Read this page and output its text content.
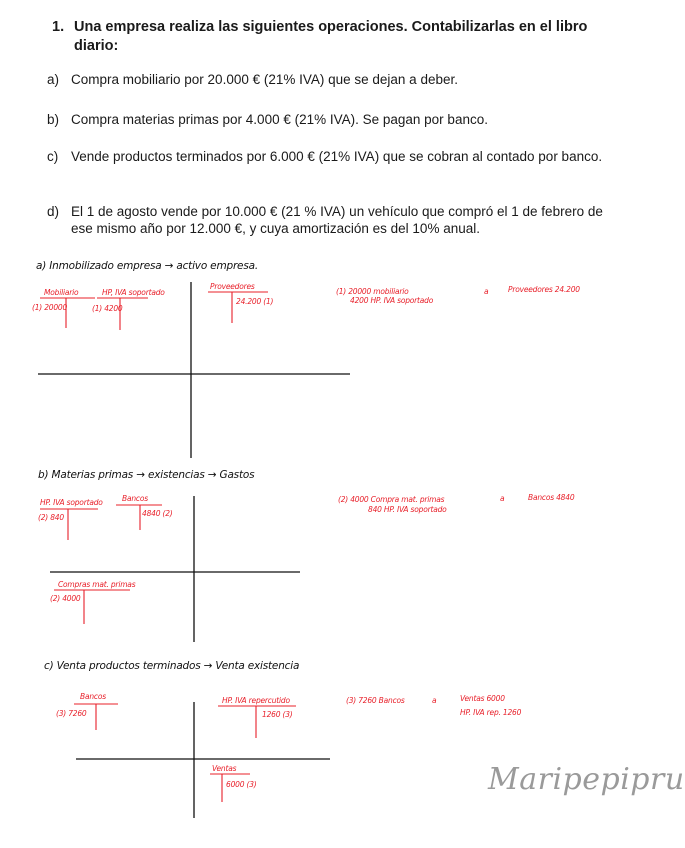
1. Una empresa realiza las siguientes operaciones. Contabilizarlas en el libro diario:
a) Compra mobiliario por 20.000 € (21% IVA) que se dejan a deber.
b) Compra materias primas por 4.000 € (21% IVA). Se pagan por banco.
c) Vende productos terminados por 6.000 € (21% IVA) que se cobran al contado por banco.
d) El 1 de agosto vende por 10.000 € (21 % IVA) un vehículo que compró el 1 de febrero de ese mismo año por 12.000 €, y cuya amortización es del 10% anual.
a) Inmobilizado empresa → activo empresa.
Mobiliario
(1) 20000
HP, IVA soportado
(1) 4200
Proveedores
24.200 (1)
(1) 20000 mobiliario
4200 HP. IVA soportado
a	Proveedores 24.200
b) Materias primas → existencias → Gastos
HP. IVA soportado
(2) 840
Bancos
4840 (2)
Compras mat. primas
(2) 4000
(2) 4000 Compra mat. primas
840 HP. IVA soportado
a	Bancos 4840
c) Venta productos terminados → Venta existencia
Bancos
(3) 7260
HP. IVA repercutido
1260 (3)
Ventas
6000 (3)
(3) 7260 Bancos	a	Ventas 6000
HP. IVA rep. 1260
Maripepipru
